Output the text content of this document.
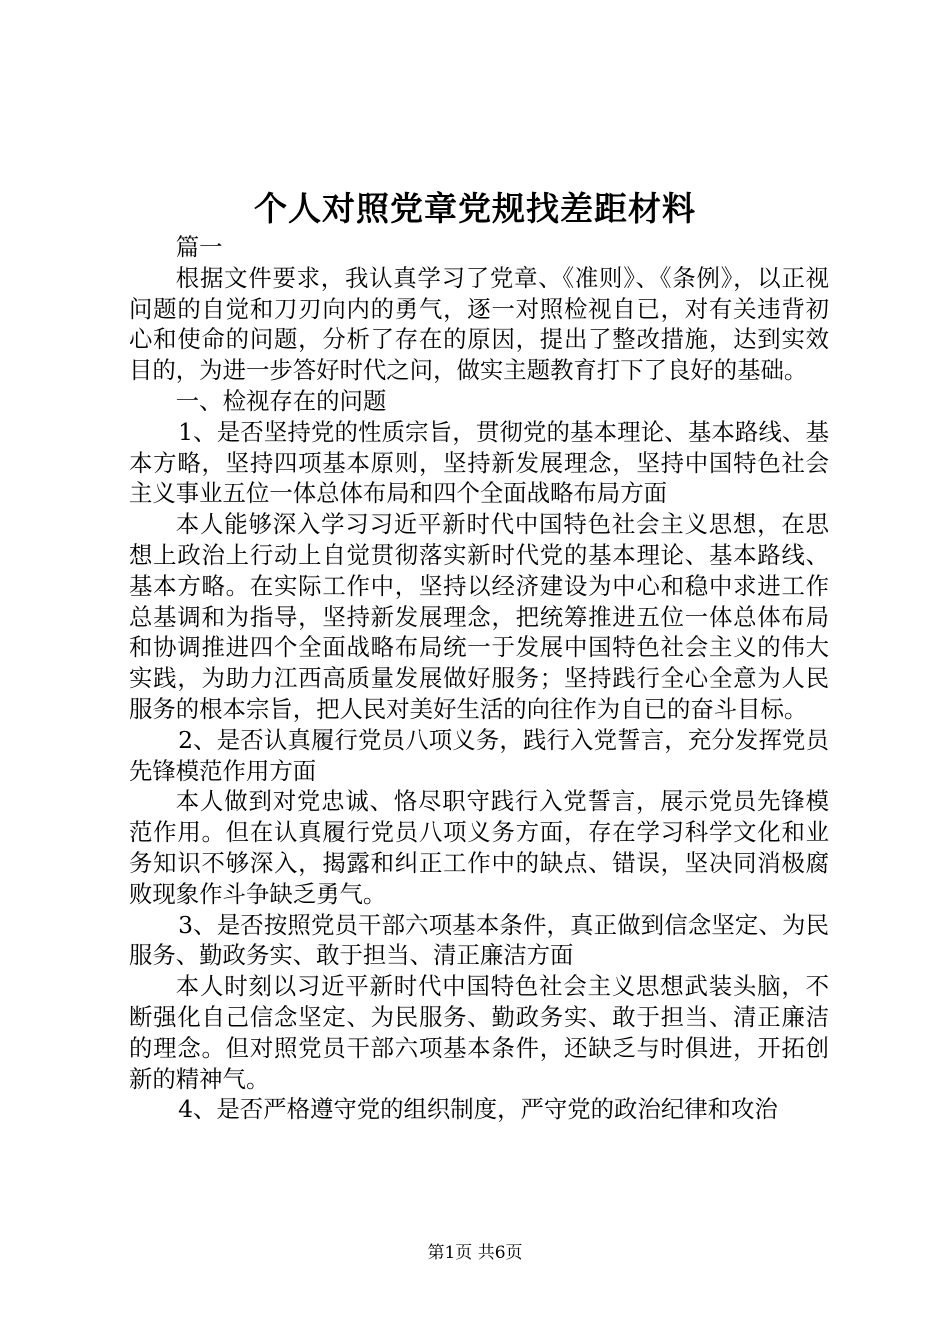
个人对照党章党规找差距材料

篇一

根据文件要求，我认真学习了党章、《准则》、《条例》，以正视问题的自觉和刀刃向内的勇气，逐一对照检视自已，对有关违背初心和使命的问题，分析了存在的原因，提出了整改措施，达到实效目的，为进一步答好时代之问，做实主题教育打下了良好的基础。

一、检视存在的问题

1、是否坚持党的性质宗旨，贯彻党的基本理论、基本路线、基本方略，坚持四项基本原则，坚持新发展理念，坚持中国特色社会主义事业五位一体总体布局和四个全面战略布局方面

本人能够深入学习习近平新时代中国特色社会主义思想，在思想上政治上行动上自觉贯彻落实新时代党的基本理论、基本路线、基本方略。在实际工作中，坚持以经济建设为中心和稳中求进工作总基调和为指导，坚持新发展理念，把统筹推进五位一体总体布局和协调推进四个全面战略布局统一于发展中国特色社会主义的伟大实践，为助力江西高质量发展做好服务；坚持践行全心全意为人民服务的根本宗旨，把人民对美好生活的向往作为自已的奋斗目标。

2、是否认真履行党员八项义务，践行入党誓言，充分发挥党员先锋模范作用方面

本人做到对党忠诚、恪尽职守践行入党誓言，展示党员先锋模范作用。但在认真履行党员八项义务方面，存在学习科学文化和业务知识不够深入，揭露和纠正工作中的缺点、错误，坚决同消极腐败现象作斗争缺乏勇气。

3、是否按照党员干部六项基本条件，真正做到信念坚定、为民服务、勤政务实、敢于担当、清正廉洁方面

本人时刻以习近平新时代中国特色社会主义思想武装头脑，不断强化自己信念坚定、为民服务、勤政务实、敢于担当、清正廉洁的理念。但对照党员干部六项基本条件，还缺乏与时俱进，开拓创新的精神气。

4、是否严格遵守党的组织制度，严守党的政治纪律和攻治

第1页 共6页
